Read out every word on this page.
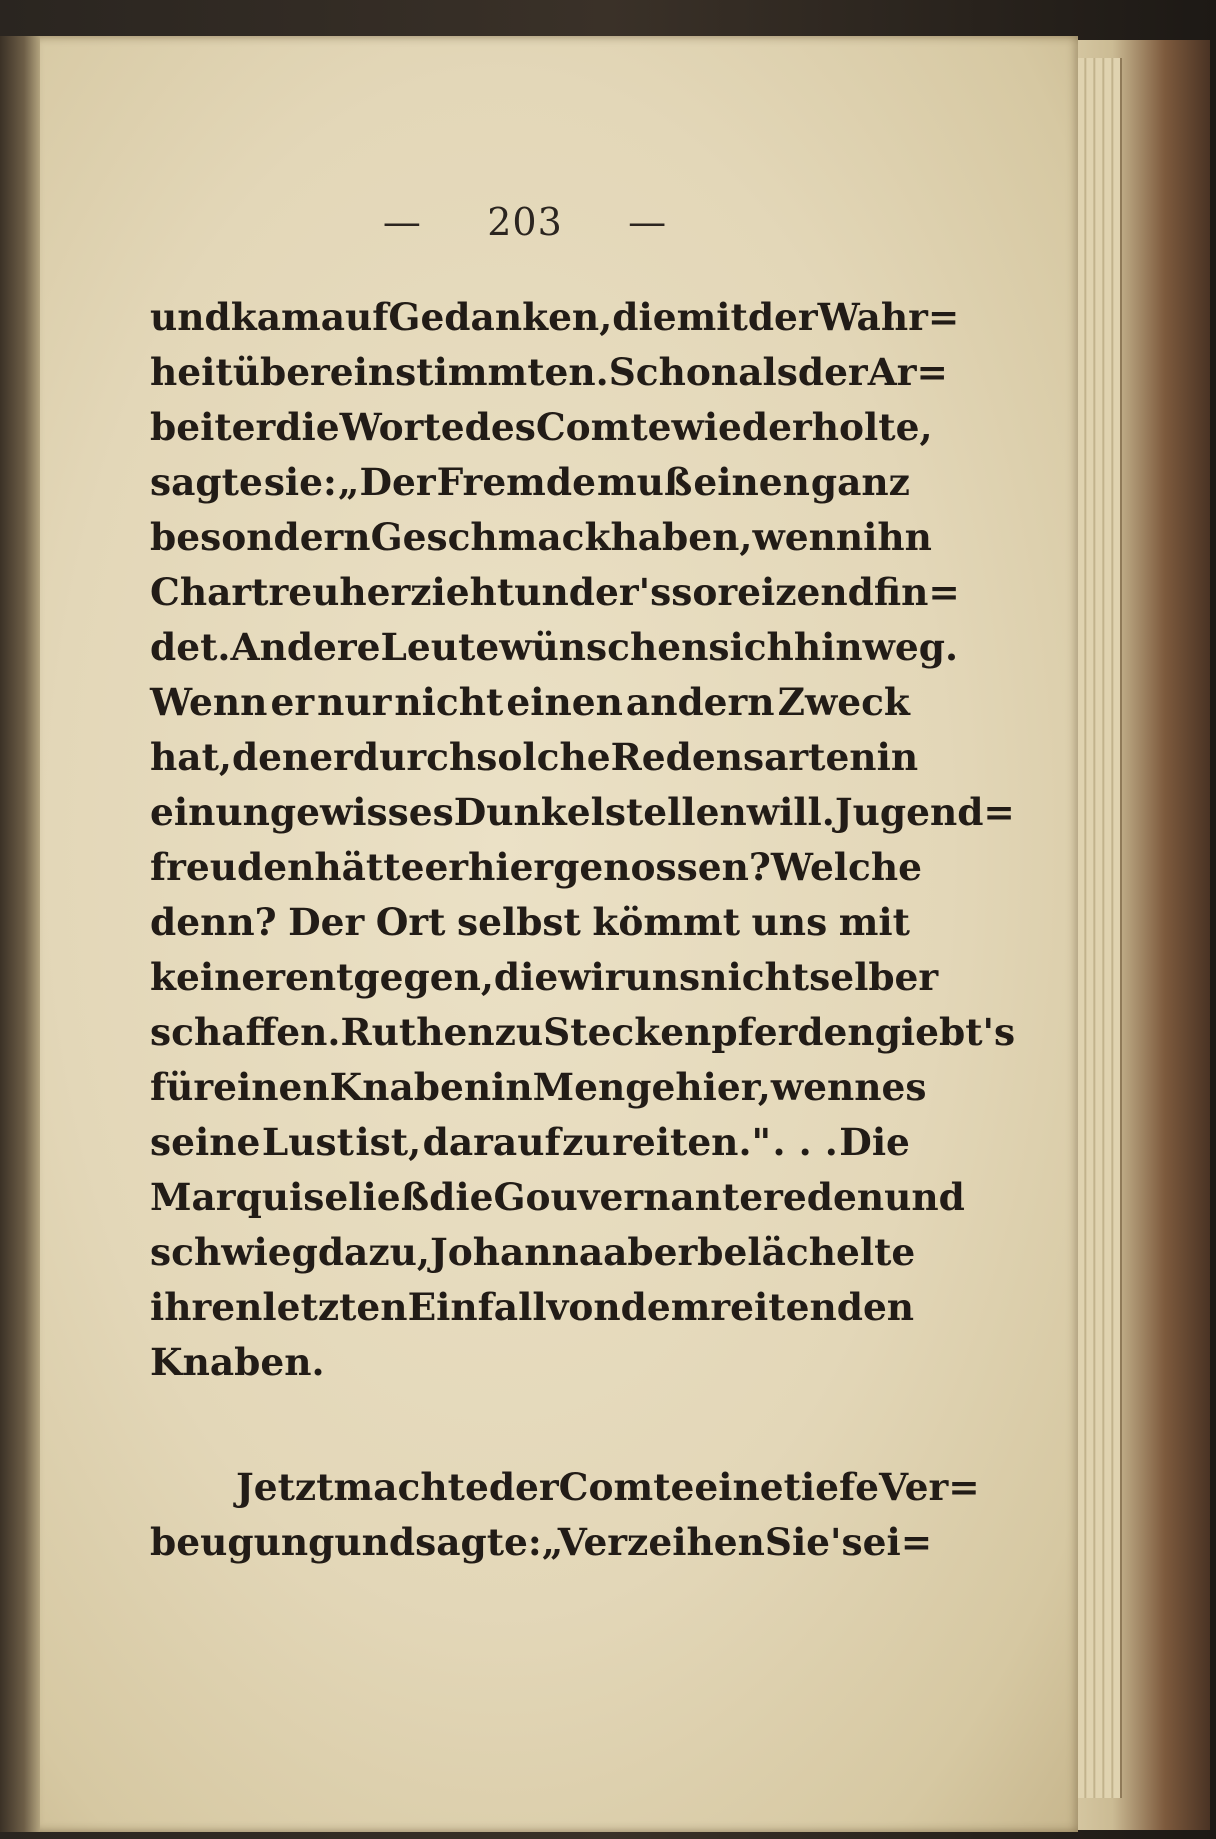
— 203 —
und kam auf Gedanken, die mit der Wahr=
heit übereinstimmten. Schon als der Ar=
beiter die Worte des Comte wiederholte,
sagte sie: „Der Fremde muß einen ganz
besondern Geschmack haben, wenn ihn
Chartreu herzieht und er's so reizend fin=
det. Andere Leute wünschen sich hinweg.
Wenn er nur nicht einen andern Zweck
hat, den er durch solche Redensarten in
ein ungewisses Dunkel stellen will. Jugend=
freuden hätte er hier genossen? Welche
denn? Der Ort selbst kömmt uns mit
keiner entgegen, die wir uns nicht selber
schaffen. Ruthen zu Steckenpferden giebt's
für einen Knaben in Menge hier, wenn es
seine Lust ist, darauf zu reiten." . . . Die
Marquise ließ die Gouvernante reden und
schwieg dazu, Johanna aber belächelte
ihren letzten Einfall von dem reitenden
Knaben.
Jetzt machte der Comte eine tiefe Ver=
beugung und sagte: „Verzeihen Sie's ei=
